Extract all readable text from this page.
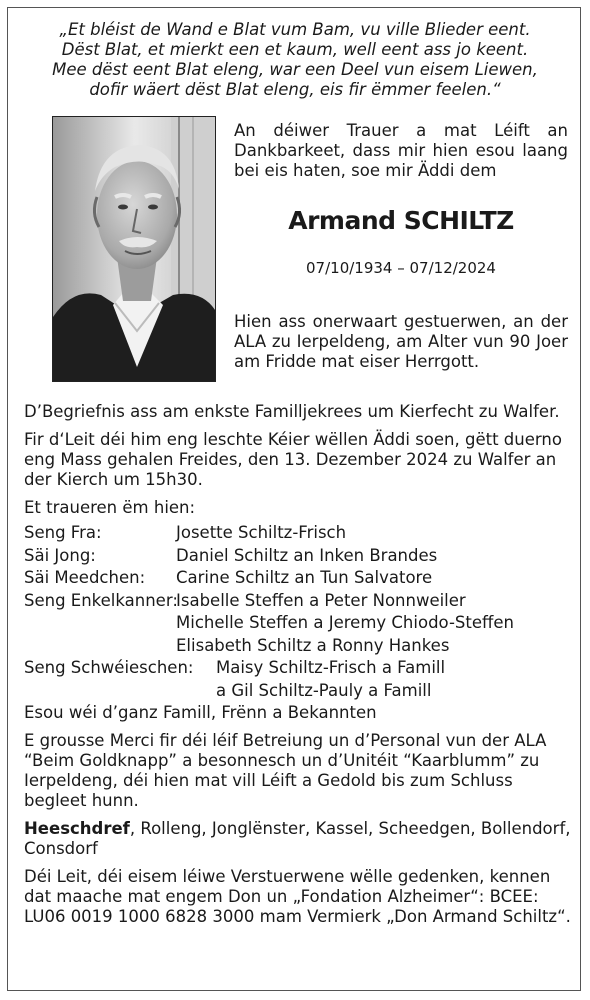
„Et bléist de Wand e Blat vum Bam, vu ville Blieder eent.
Dëst Blat, et mierkt een et kaum, well eent ass jo keent.
Mee dëst eent Blat eleng, war een Deel vun eisem Liewen,
dofir wäert dëst Blat eleng, eis fir ëmmer feelen.“
An déiwer Trauer a mat Léift an Dankbarkeet, dass mir hien esou laang bei eis haten, soe mir Äddi dem
Armand SCHILTZ
07/10/1934 – 07/12/2024
Hien ass onerwaart gestuerwen, an der ALA zu Ierpeldeng, am Alter vun 90 Joer am Fridde mat eiser Herrgott.
D’Begriefnis ass am enkste Familljekrees um Kierfecht zu Walfer.
Fir d‘Leit déi him eng leschte Kéier wëllen Äddi soen, gëtt duerno eng Mass gehalen Freides, den 13. Dezember 2024 zu Walfer an der Kierch um 15h30.
Et traueren ëm hien:
Seng Fra:	Josette Schiltz-Frisch
Säi Jong:	Daniel Schiltz an Inken Brandes
Säi Meedchen:	Carine Schiltz an Tun Salvatore
Seng Enkelkanner:
Isabelle Steffen a Peter Nonnweiler
Michelle Steffen a Jeremy Chiodo-Steffen
Elisabeth Schiltz a Ronny Hankes
Seng Schwéieschen:	Maisy Schiltz-Frisch a Famill
a Gil Schiltz-Pauly a Famill
Esou wéi d’ganz Famill, Frënn a Bekannten
E grousse Merci fir déi léif Betreiung un d’Personal vun der ALA “Beim Goldknapp” a besonnesch un d’Unitéit “Kaarblumm” zu Ierpeldeng, déi hien mat vill Léift a Gedold bis zum Schluss begleet hunn.
Heeschdref, Rolleng, Jonglënster, Kassel, Scheedgen, Bollendorf, Consdorf
Déi Leit, déi eisem léiwe Verstuerwene wëlle gedenken, kennen dat maache mat engem Don un „Fondation Alzheimer“: BCEE: LU06 0019 1000 6828 3000 mam Vermierk „Don Armand Schiltz“.
